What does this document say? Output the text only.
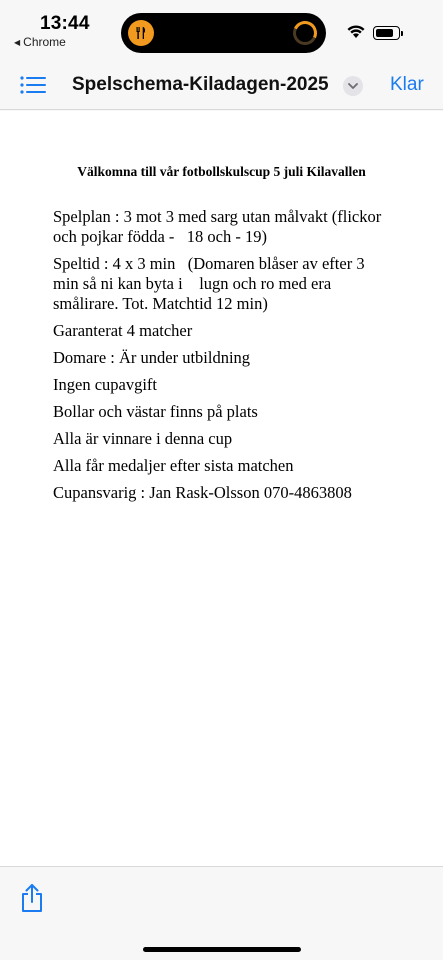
13:44
◀ Chrome
Spelschema-Kiladagen-2025	Klar
Välkomna till vår fotbollskulscup 5 juli Kilavallen

Spelplan : 3 mot 3 med sarg utan målvakt (flickor och pojkar födda -   18 och - 19)

Speltid : 4 x 3 min   (Domaren blåser av efter 3 min så ni kan byta i    lugn och ro med era smålirare. Tot. Matchtid 12 min)

Garanterat 4 matcher

Domare : Är under utbildning

Ingen cupavgift

Bollar och västar finns på plats

Alla är vinnare i denna cup

Alla får medaljer efter sista matchen

Cupansvarig : Jan Rask-Olsson 070-4863808
